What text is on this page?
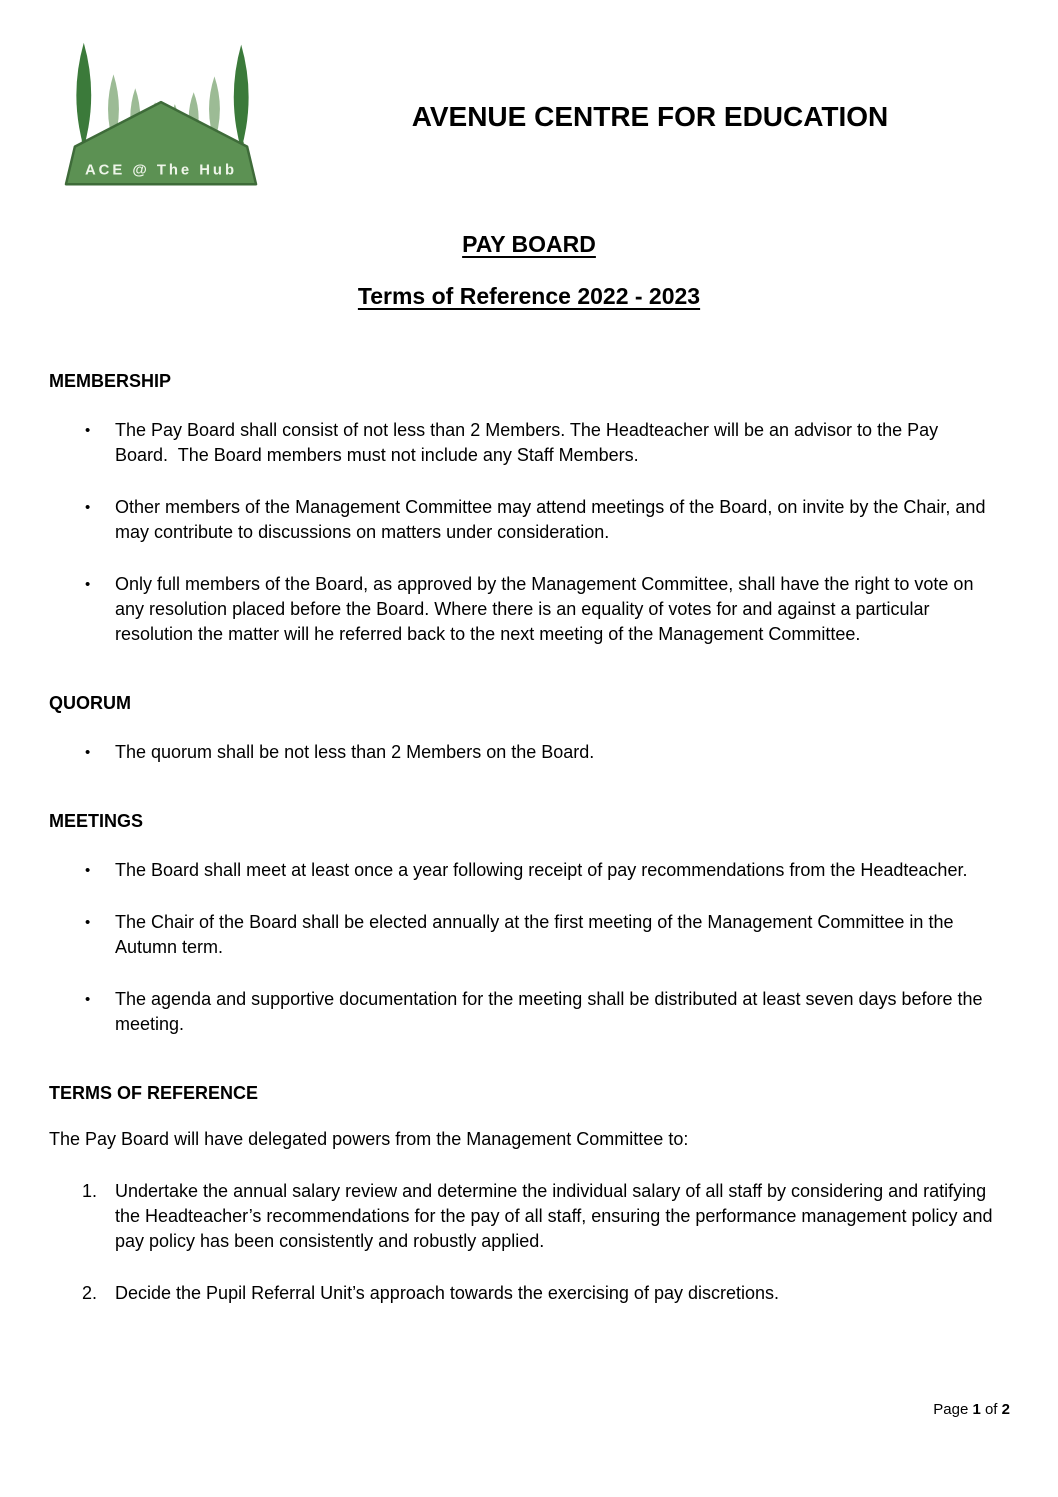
ACE @ The Hub
AVENUE CENTRE FOR EDUCATION
PAY BOARD
Terms of Reference 2022 - 2023
MEMBERSHIP
•	The Pay Board shall consist of not less than 2 Members. The Headteacher will be an advisor to the Pay Board.  The Board members must not include any Staff Members.
•	Other members of the Management Committee may attend meetings of the Board, on invite by the Chair, and may contribute to discussions on matters under consideration.
•	Only full members of the Board, as approved by the Management Committee, shall have the right to vote on any resolution placed before the Board. Where there is an equality of votes for and against a particular resolution the matter will he referred back to the next meeting of the Management Committee.
QUORUM
•	The quorum shall be not less than 2 Members on the Board.
MEETINGS
•	The Board shall meet at least once a year following receipt of pay recommendations from the Headteacher.
•	The Chair of the Board shall be elected annually at the first meeting of the Management Committee in the Autumn term.
•	The agenda and supportive documentation for the meeting shall be distributed at least seven days before the meeting.
TERMS OF REFERENCE

The Pay Board will have delegated powers from the Management Committee to:

1. Undertake the annual salary review and determine the individual salary of all staff by considering and ratifying the Headteacher’s recommendations for the pay of all staff, ensuring the performance management policy and pay policy has been consistently and robustly applied.
2. Decide the Pupil Referral Unit’s approach towards the exercising of pay discretions.
Page 1 of 2
